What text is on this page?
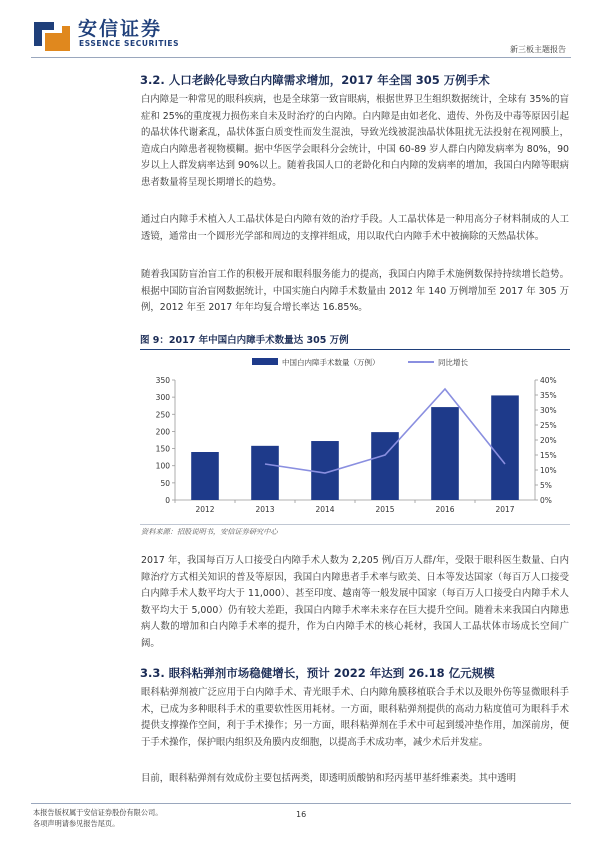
安信证券
ESSENCE SECURITIES
新三板主题报告
3.2. 人口老龄化导致白内障需求增加，2017 年全国 305 万例手术
白内障是一种常见的眼科疾病，也是全球第一致盲眼病，根据世界卫生组织数据统计，全球有 35%的盲症和 25%的重度视力损伤来自未及时治疗的白内障。白内障是由如老化、遗传、外伤及中毒等原因引起的晶状体代谢紊乱，晶状体蛋白质变性而发生混浊，导致光线被混浊晶状体阻扰无法投射在视网膜上，造成白内障患者视物模糊。据中华医学会眼科分会统计，中国 60-89 岁人群白内障发病率为 80%，90 岁以上人群发病率达到 90%以上。随着我国人口的老龄化和白内障的发病率的增加，我国白内障等眼病患者数量将呈现长期增长的趋势。
通过白内障手术植入人工晶状体是白内障有效的治疗手段。人工晶状体是一种用高分子材料制成的人工透镜，通常由一个圆形光学部和周边的支撑袢组成，用以取代白内障手术中被摘除的天然晶状体。
随着我国防盲治盲工作的积极开展和眼科服务能力的提高，我国白内障手术施例数保持持续增长趋势。根据中国防盲治盲网数据统计，中国实施白内障手术数量由 2012 年 140 万例增加至 2017 年 305 万例，2012 年至 2017 年年均复合增长率达 16.85%。
图 9：2017 年中国白内障手术数量达 305 万例
0
50
100
150
200
250
300
350
0%
5%
10%
15%
20%
25%
30%
35%
40%
2012	2013	2014	2015	2016	2017
中国白内障手术数量（万例）	同比增长
资料来源：招股说明书，安信证券研究中心
2017 年，我国每百万人口接受白内障手术人数为 2,205 例/百万人群/年，受限于眼科医生数量、白内障治疗方式相关知识的普及等原因，我国白内障患者手术率与欧美、日本等发达国家（每百万人口接受白内障手术人数平均大于 11,000）、甚至印度、越南等一般发展中国家（每百万人口接受白内障手术人数平均大于 5,000）仍有较大差距，我国白内障手术率未来存在巨大提升空间。随着未来我国白内障患病人数的增加和白内障手术率的提升，作为白内障手术的核心耗材，我国人工晶状体市场成长空间广阔。
3.3. 眼科粘弹剂市场稳健增长，预计 2022 年达到 26.18 亿元规模
眼科粘弹剂被广泛应用于白内障手术、青光眼手术、白内障角膜移植联合手术以及眼外伤等显微眼科手术，已成为多种眼科手术的重要软性医用耗材。一方面，眼科粘弹剂提供的高动力粘度值可为眼科手术提供支撑操作空间，利于手术操作；另一方面，眼科粘弹剂在手术中可起到缓冲垫作用，加深前房，便于手术操作，保护眼内组织及角膜内皮细胞，以提高手术成功率，减少术后并发症。
目前，眼科粘弹剂有效成份主要包括两类，即透明质酸钠和羟丙基甲基纤维素类。其中透明
本报告版权属于安信证券股份有限公司。
各项声明请参见报告尾页。
16
